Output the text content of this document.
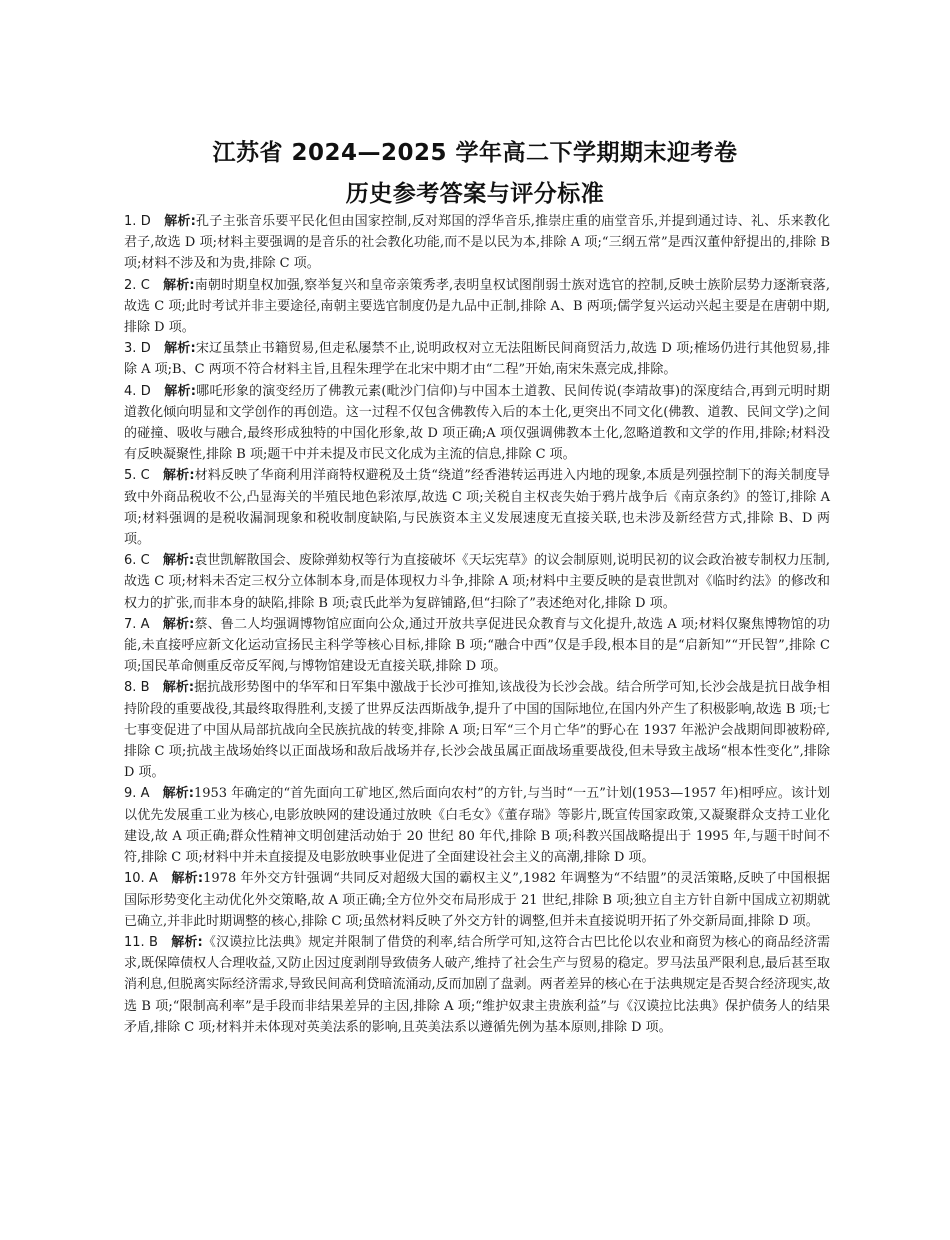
江苏省 2024—2025 学年高二下学期期末迎考卷
历史参考答案与评分标准

1. D　 解析:孔子主张音乐要平民化但由国家控制,反对郑国的浮华音乐,推崇庄重的庙堂音乐,并提到通过诗、礼、乐来教化君子,故选 D 项;材料主要强调的是音乐的社会教化功能,而不是以民为本,排除 A 项;“三纲五常”是西汉董仲舒提出的,排除 B 项;材料不涉及和为贵,排除 C 项。

2. C　 解析:南朝时期皇权加强,察举复兴和皇帝亲策秀孝,表明皇权试图削弱士族对选官的控制,反映士族阶层势力逐渐衰落,故选 C 项;此时考试并非主要途径,南朝主要选官制度仍是九品中正制,排除 A、B 两项;儒学复兴运动兴起主要是在唐朝中期,排除 D 项。

3. D　 解析:宋辽虽禁止书籍贸易,但走私屡禁不止,说明政权对立无法阻断民间商贸活力,故选 D 项;榷场仍进行其他贸易,排除 A 项;B、C 两项不符合材料主旨,且程朱理学在北宋中期才由“二程”开始,南宋朱熹完成,排除。

4. D　 解析:哪吒形象的演变经历了佛教元素(毗沙门信仰)与中国本土道教、民间传说(李靖故事)的深度结合,再到元明时期道教化倾向明显和文学创作的再创造。这一过程不仅包含佛教传入后的本土化,更突出不同文化(佛教、道教、民间文学)之间的碰撞、吸收与融合,最终形成独特的中国化形象,故 D 项正确;A 项仅强调佛教本土化,忽略道教和文学的作用,排除;材料没有反映凝聚性,排除 B 项;题干中并未提及市民文化成为主流的信息,排除 C 项。

5. C　 解析:材料反映了华商利用洋商特权避税及土货“绕道”经香港转运再进入内地的现象,本质是列强控制下的海关制度导致中外商品税收不公,凸显海关的半殖民地色彩浓厚,故选 C 项;关税自主权丧失始于鸦片战争后《南京条约》的签订,排除 A 项;材料强调的是税收漏洞现象和税收制度缺陷,与民族资本主义发展速度无直接关联,也未涉及新经营方式,排除 B、D 两项。

6. C　 解析:袁世凯解散国会、废除弹劾权等行为直接破坏《天坛宪草》的议会制原则,说明民初的议会政治被专制权力压制,故选 C 项;材料未否定三权分立体制本身,而是体现权力斗争,排除 A 项;材料中主要反映的是袁世凯对《临时约法》的修改和权力的扩张,而非本身的缺陷,排除 B 项;袁氏此举为复辟铺路,但“扫除了”表述绝对化,排除 D 项。

7. A　 解析:蔡、鲁二人均强调博物馆应面向公众,通过开放共享促进民众教育与文化提升,故选 A 项;材料仅聚焦博物馆的功能,未直接呼应新文化运动宣扬民主科学等核心目标,排除 B 项;“融合中西”仅是手段,根本目的是“启新知”“开民智”,排除 C 项;国民革命侧重反帝反军阀,与博物馆建设无直接关联,排除 D 项。

8. B　 解析:据抗战形势图中的华军和日军集中激战于长沙可推知,该战役为长沙会战。结合所学可知,长沙会战是抗日战争相持阶段的重要战役,其最终取得胜利,支援了世界反法西斯战争,提升了中国的国际地位,在国内外产生了积极影响,故选 B 项;七七事变促进了中国从局部抗战向全民族抗战的转变,排除 A 项;日军“三个月亡华”的野心在 1937 年淞沪会战期间即被粉碎,排除 C 项;抗战主战场始终以正面战场和敌后战场并存,长沙会战虽属正面战场重要战役,但未导致主战场“根本性变化”,排除 D 项。

9. A　 解析:1953 年确定的“首先面向工矿地区,然后面向农村”的方针,与当时“一五”计划(1953—1957 年)相呼应。该计划以优先发展重工业为核心,电影放映网的建设通过放映《白毛女》《董存瑞》等影片,既宣传国家政策,又凝聚群众支持工业化建设,故 A 项正确;群众性精神文明创建活动始于 20 世纪 80 年代,排除 B 项;科教兴国战略提出于 1995 年,与题干时间不符,排除 C 项;材料中并未直接提及电影放映事业促进了全面建设社会主义的高潮,排除 D 项。

10. A　 解析:1978 年外交方针强调“共同反对超级大国的霸权主义”,1982 年调整为“不结盟”的灵活策略,反映了中国根据国际形势变化主动优化外交策略,故 A 项正确;全方位外交布局形成于 21 世纪,排除 B 项;独立自主方针自新中国成立初期就已确立,并非此时期调整的核心,排除 C 项;虽然材料反映了外交方针的调整,但并未直接说明开拓了外交新局面,排除 D 项。

11. B　 解析:《汉谟拉比法典》规定并限制了借贷的利率,结合所学可知,这符合古巴比伦以农业和商贸为核心的商品经济需求,既保障债权人合理收益,又防止因过度剥削导致债务人破产,维持了社会生产与贸易的稳定。罗马法虽严限利息,最后甚至取消利息,但脱离实际经济需求,导致民间高利贷暗流涌动,反而加剧了盘剥。两者差异的核心在于法典规定是否契合经济现实,故选 B 项;“限制高利率”是手段而非结果差异的主因,排除 A 项;“维护奴隶主贵族利益”与《汉谟拉比法典》保护债务人的结果矛盾,排除 C 项;材料并未体现对英美法系的影响,且英美法系以遵循先例为基本原则,排除 D 项。
